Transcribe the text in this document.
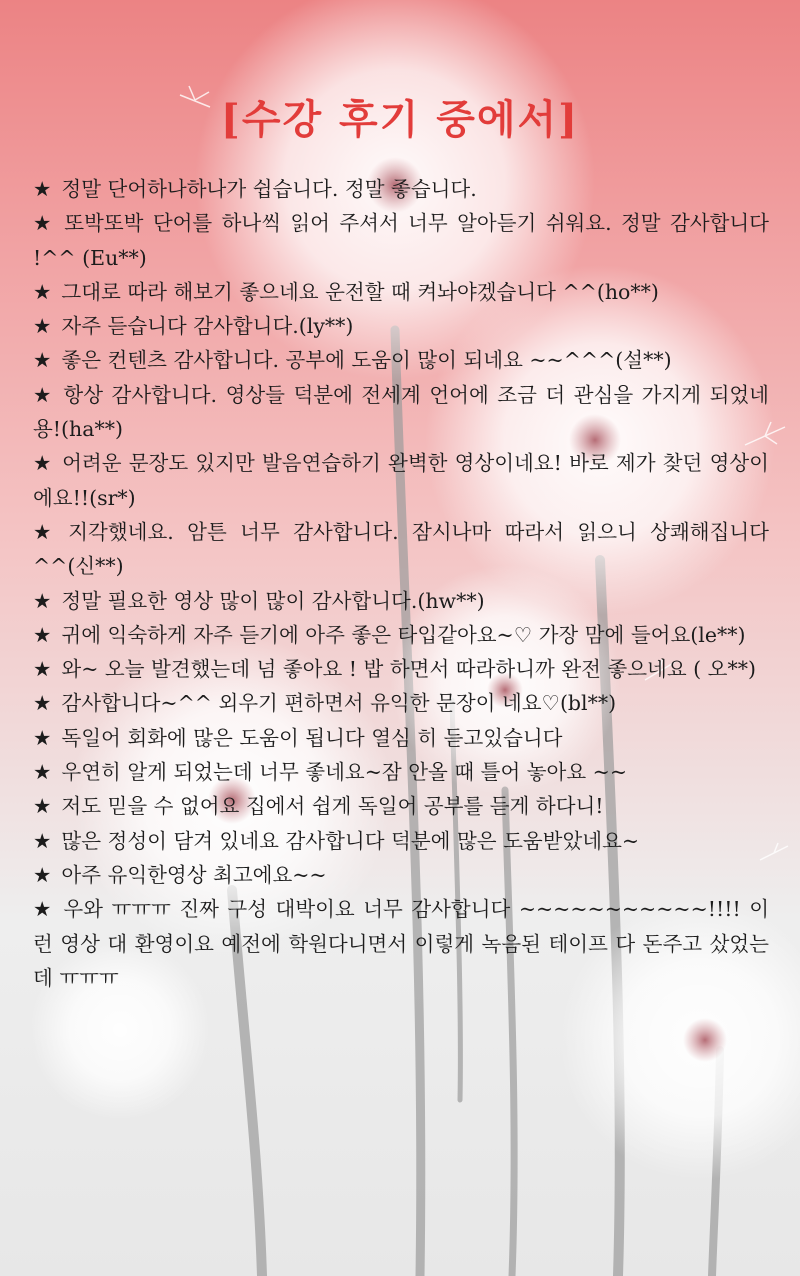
[수강 후기 중에서]
★ 정말 단어하나하나가 쉽습니다. 정말 좋습니다.
★ 또박또박 단어를 하나씩 읽어 주셔서 너무 알아듣기 쉬워요. 정말 감사합니다 !^^ (Eu**)
★ 그대로 따라 해보기 좋으네요 운전할 때 켜놔야겠습니다 ^^(ho**)
★ 자주 듣습니다 감사합니다.(ly**)
★ 좋은 컨텐츠 감사합니다. 공부에 도움이 많이 되네요 ~~^^^(설**)
★ 항상 감사합니다. 영상들 덕분에 전세계 언어에 조금 더 관심을 가지게 되었네용!(ha**)
★ 어려운 문장도 있지만 발음연습하기 완벽한 영상이네요! 바로 제가 찾던 영상이에요!!(sr*)
★ 지각했네요. 암튼 너무 감사합니다. 잠시나마 따라서 읽으니 상쾌해집니다^^(신**)
★ 정말 필요한 영상 많이 많이 감사합니다.(hw**)
★ 귀에 익숙하게 자주 듣기에 아주 좋은 타입같아요~♡ 가장 맘에 들어요(le**)
★ 와~ 오늘 발견했는데 넘 좋아요 ! 밥 하면서 따라하니까 완전 좋으네요 ( 오**)
★ 감사합니다~^^ 외우기 편하면서 유익한 문장이 네요♡(bl**)
★ 독일어 회화에 많은 도움이 됩니다 열심 히 듣고있습니다
★ 우연히 알게 되었는데 너무 좋네요~잠 안올 때 틀어 놓아요 ~~
★ 저도 믿을 수 없어요 집에서 쉽게 독일어 공부를 듣게 하다니!
★ 많은 정성이 담겨 있네요 감사합니다 덕분에 많은 도움받았네요~
★ 아주 유익한영상 최고에요~~
★ 우와 ㅠㅠㅠ 진짜 구성 대박이요 너무 감사합니다 ~~~~~~~~~~~!!!! 이런 영상 대 환영이요 예전에 학원다니면서 이렇게 녹음된 테이프 다 돈주고 샀었는데 ㅠㅠㅠ
